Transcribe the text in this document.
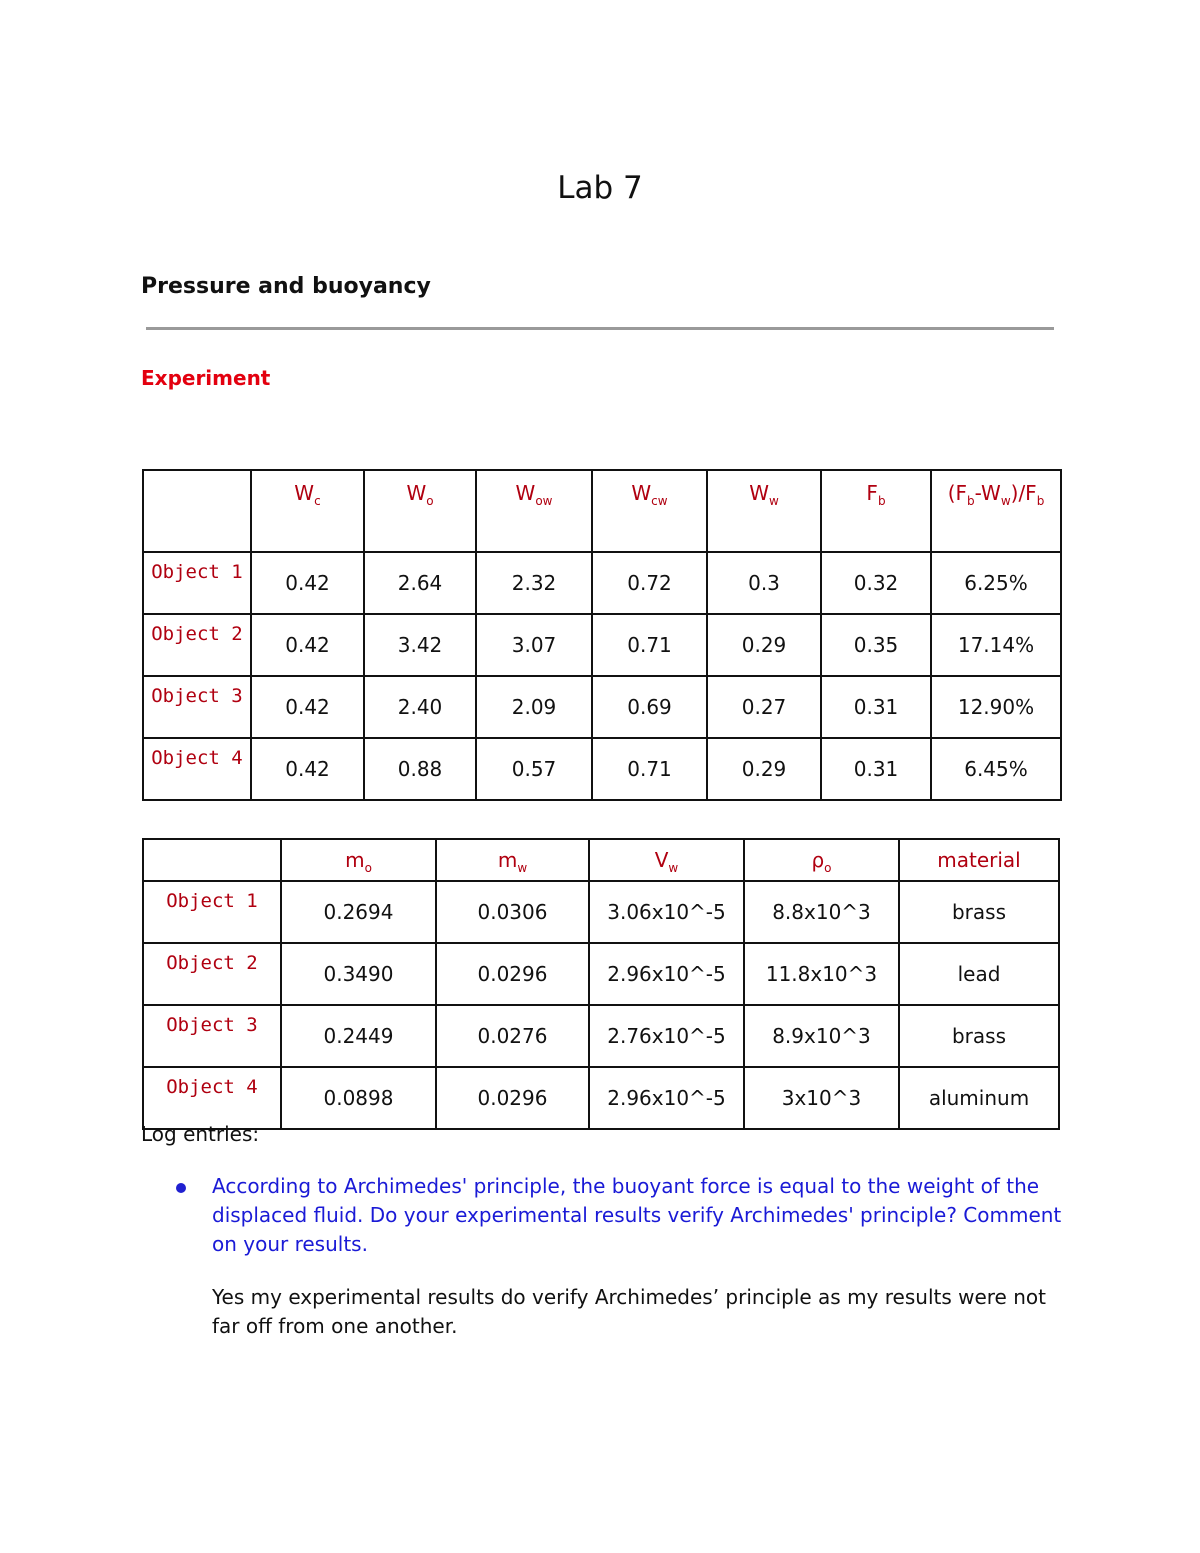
Lab 7
Pressure and buoyancy
Experiment
	$W_c$	$W_o$	$W_{ow}$	$W_{cw}$	$W_w$	$F_b$	$(F_b-W_w)/F_b$
Object 1	0.42	2.64	2.32	0.72	0.3	0.32	6.25%
Object 2	0.42	3.42	3.07	0.71	0.29	0.35	17.14%
Object 3	0.42	2.40	2.09	0.69	0.27	0.31	12.90%
Object 4	0.42	0.88	0.57	0.71	0.29	0.31	6.45%
	$m_o$	$m_w$	$V_w$	$\rho_o$	material
Object 1	0.2694	0.0306	3.06x10^-5	8.8x10^3	brass
Object 2	0.3490	0.0296	2.96x10^-5	11.8x10^3	lead
Object 3	0.2449	0.0276	2.76x10^-5	8.9x10^3	brass
Object 4	0.0898	0.0296	2.96x10^-5	3x10^3	aluminum
Log entries:
According to Archimedes' principle, the buoyant force is equal to the weight of the displaced fluid. Do your experimental results verify Archimedes' principle? Comment on your results.
Yes my experimental results do verify Archimedes’ principle as my results were not far off from one another.
